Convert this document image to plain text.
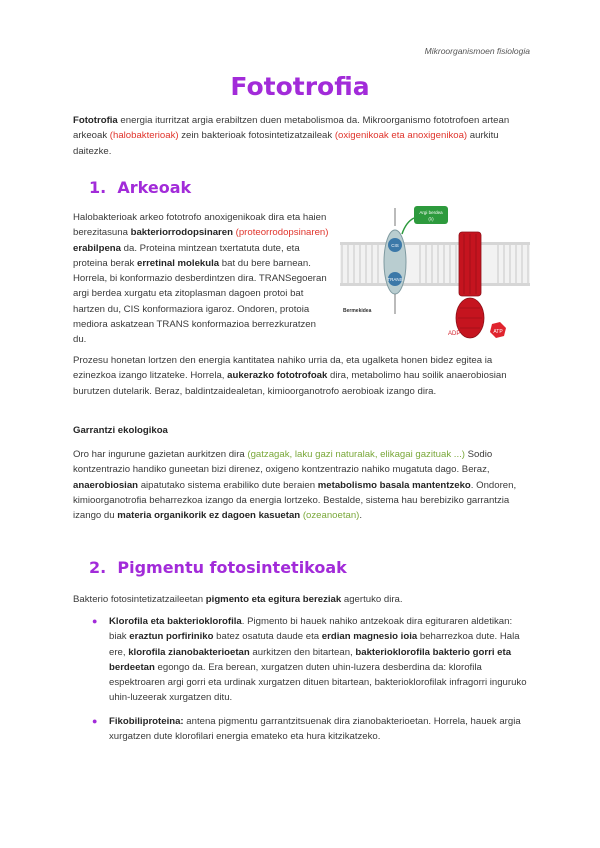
Mikroorganismoen fisiologia
Fototrofia

Fototrofia energia iturritzat argia erabiltzen duen metabolismoa da. Mikroorganismo fototrofoen artean arkeoak (halobakterioak) zein bakterioak fotosintetizatzaileak (oxigenikoak eta anoxigenikoa) aurkitu daitezke.

1. Arkeoak

Halobakterioak arkeo fototrofo anoxigenikoak dira eta haien berezitasuna bakteriorrodopsinaren (proteorrodopsinaren) erabilpena da. Proteina mintzean txertatuta dute, eta proteina berak erretinal molekula bat du bere barnean. Horrela, bi konformazio desberdintzen dira. TRANSegoeran argi berdea xurgatu eta zitoplasman dagoen protoi bat hartzen du, CIS konformaziora igaroz. Ondoren, protoia mediora askatzean TRANS konformazioa berrezkuratzen du.

CIS
TRANS
Argi berdea
(λ)
Bermekidea
ADP	ATP

Prozesu honetan lortzen den energia kantitatea nahiko urria da, eta ugalketa honen bidez egitea ia ezinezkoa izango litzateke. Horrela, aukerazko fototrofoak dira, metabolimo hau soilik anaerobiosian burutzen dutelarik. Beraz, baldintzaidealetan, kimioorganotrofo aerobioak izango dira.

Garrantzi ekologikoa

Oro har ingurune gazietan aurkitzen dira (gatzagak, laku gazi naturalak, elikagai gazituak ...) Sodio kontzentrazio handiko guneetan bizi direnez, oxigeno kontzentrazio nahiko mugatuta dago. Beraz, anaerobiosian aipatutako sistema erabiliko dute beraien metabolismo basala mantentzeko. Ondoren, kimioorganotrofia beharrezkoa izango da energia lortzeko. Bestalde, sistema hau berebiziko garrantzia izango du materia organikorik ez dagoen kasuetan (ozeanoetan).

2. Pigmentu fotosintetikoak

Bakterio fotosintetizatzaileetan pigmento eta egitura bereziak agertuko dira.

● Klorofila eta bakterioklorofila. Pigmento bi hauek nahiko antzekoak dira egituraren aldetikan: biak eraztun porfiriniko batez osatuta daude eta erdian magnesio ioia beharrezkoa dute. Hala ere, klorofila zianobakterioetan aurkitzen den bitartean, bakterioklorofila bakterio gorri eta berdeetan egongo da. Era berean, xurgatzen duten uhin-luzera desberdina da: klorofila espektroaren argi gorri eta urdinak xurgatzen dituen bitartean, bakterioklorofilak infragorri inguruko uhin-luzeerak xurgatzen ditu.
● Fikobiliproteina: antena pigmentu garrantzitsuenak dira zianobakterioetan. Horrela, hauek argia xurgatzen dute klorofilari energia emateko eta hura kitzikatzeko.
